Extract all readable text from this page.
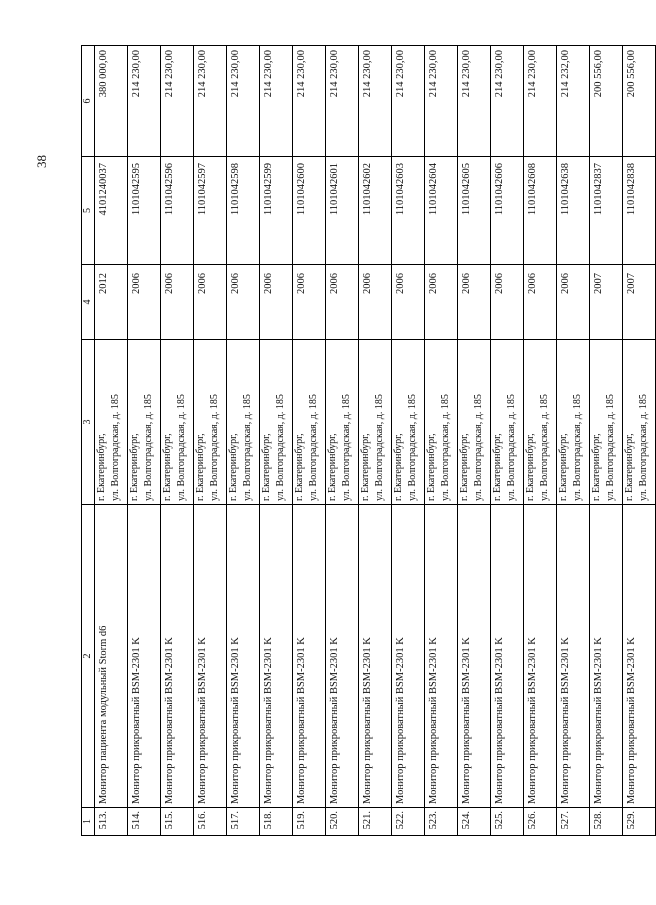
38
1	2	3	4	5	6
513.	Монитор пациента модульный Storm d6	г. Екатеринбург, ул. Волгоградская, д. 185	2012	4101240037	380 000,00
514.	Монитор прикроватный BSM-2301 K	г. Екатеринбург, ул. Волгоградская, д. 185	2006	1101042595	214 230,00
515.	Монитор прикроватный BSM-2301 K	г. Екатеринбург, ул. Волгоградская, д. 185	2006	1101042596	214 230,00
516.	Монитор прикроватный BSM-2301 K	г. Екатеринбург, ул. Волгоградская, д. 185	2006	1101042597	214 230,00
517.	Монитор прикроватный BSM-2301 K	г. Екатеринбург, ул. Волгоградская, д. 185	2006	1101042598	214 230,00
518.	Монитор прикроватный BSM-2301 K	г. Екатеринбург, ул. Волгоградская, д. 185	2006	1101042599	214 230,00
519.	Монитор прикроватный BSM-2301 K	г. Екатеринбург, ул. Волгоградская, д. 185	2006	1101042600	214 230,00
520.	Монитор прикроватный BSM-2301 K	г. Екатеринбург, ул. Волгоградская, д. 185	2006	1101042601	214 230,00
521.	Монитор прикроватный BSM-2301 K	г. Екатеринбург, ул. Волгоградская, д. 185	2006	1101042602	214 230,00
522.	Монитор прикроватный BSM-2301 K	г. Екатеринбург, ул. Волгоградская, д. 185	2006	1101042603	214 230,00
523.	Монитор прикроватный BSM-2301 K	г. Екатеринбург, ул. Волгоградская, д. 185	2006	1101042604	214 230,00
524.	Монитор прикроватный BSM-2301 K	г. Екатеринбург, ул. Волгоградская, д. 185	2006	1101042605	214 230,00
525.	Монитор прикроватный BSM-2301 K	г. Екатеринбург, ул. Волгоградская, д. 185	2006	1101042606	214 230,00
526.	Монитор прикроватный BSM-2301 K	г. Екатеринбург, ул. Волгоградская, д. 185	2006	1101042608	214 230,00
527.	Монитор прикроватный BSM-2301 K	г. Екатеринбург, ул. Волгоградская, д. 185	2006	1101042638	214 232,00
528.	Монитор прикроватный BSM-2301 K	г. Екатеринбург, ул. Волгоградская, д. 185	2007	1101042837	200 556,00
529.	Монитор прикроватный BSM-2301 K	г. Екатеринбург, ул. Волгоградская, д. 185	2007	1101042838	200 556,00
